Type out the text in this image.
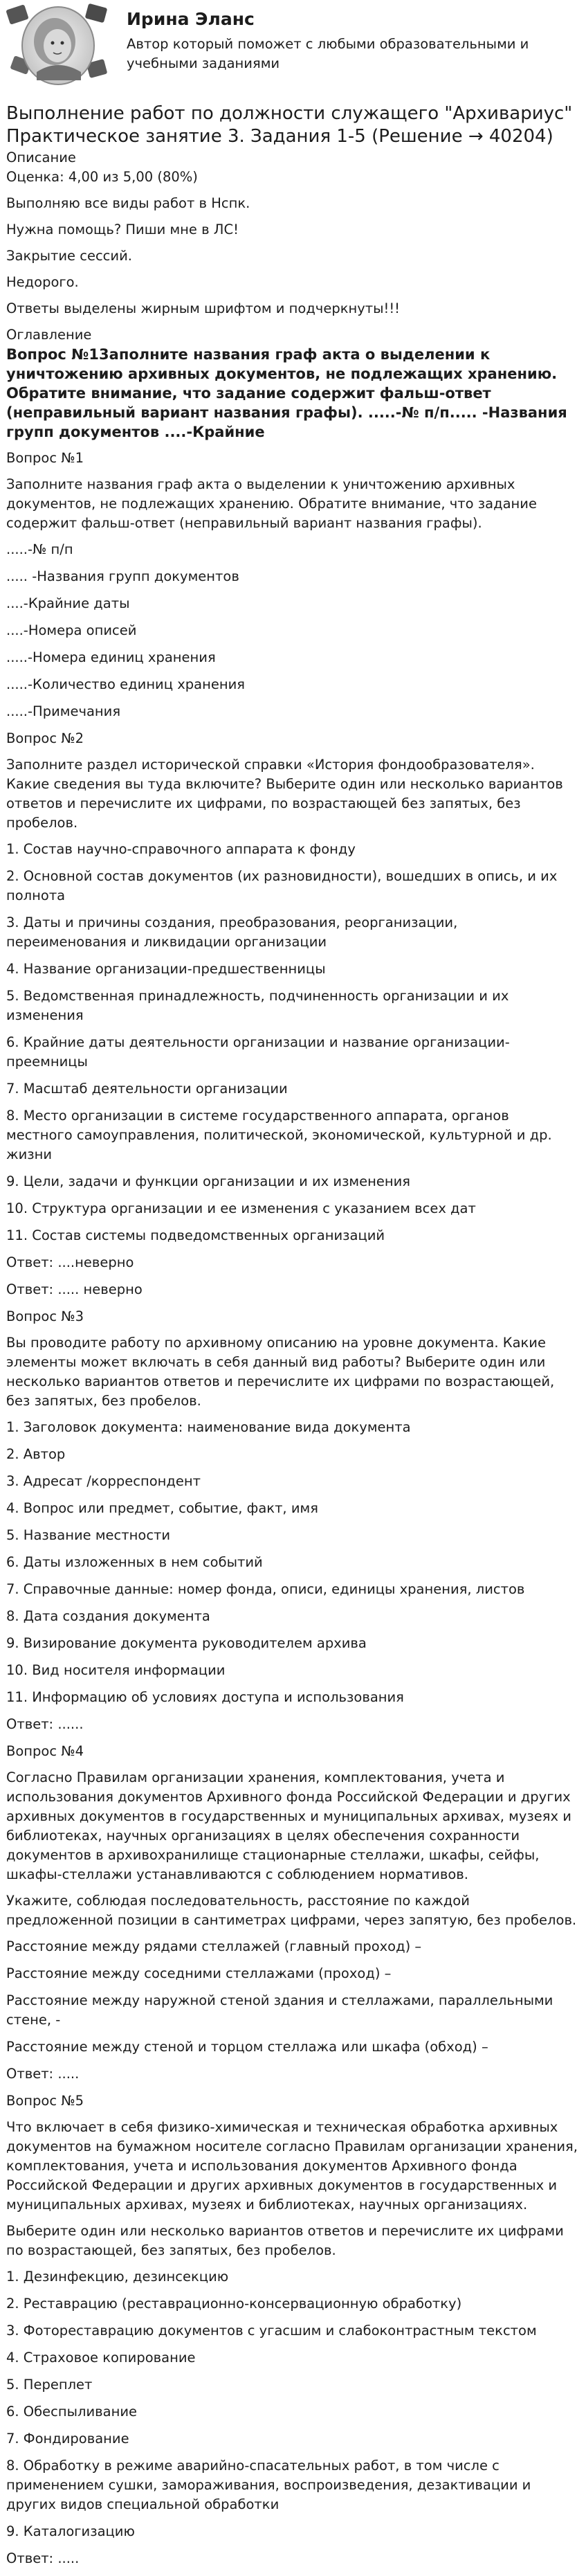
Ирина Эланс
Автор который поможет с любыми образовательными и учебными заданиями
Выполнение работ по должности служащего "Архивариус" Практическое занятие 3. Задания 1-5 (Решение → 40204)
Описание
Оценка: 4,00 из 5,00 (80%)
Выполняю все виды работ в Нспк.
Нужна помощь? Пиши мне в ЛС!
Закрытие сессий.
Недорого.
Ответы выделены жирным шрифтом и подчеркнуты!!!
Оглавление
Вопрос №13аполните названия граф акта о выделении к уничтожению архивных документов, не подлежащих хранению. Обратите внимание, что задание содержит фальш-ответ (неправильный вариант названия графы). .....-№ п/п..... -Названия групп документов ....-Крайние
Вопрос №1
Заполните названия граф акта о выделении к уничтожению архивных документов, не подлежащих хранению. Обратите внимание, что задание содержит фальш-ответ (неправильный вариант названия графы).
.....-№ п/п
..... -Названия групп документов
....-Крайние даты
....-Номера описей
.....-Номера единиц хранения
.....-Количество единиц хранения
.....-Примечания
Вопрос №2
Заполните раздел исторической справки «История фондообразователя». Какие сведения вы туда включите? Выберите один или несколько вариантов ответов и перечислите их цифрами, по возрастающей без запятых, без пробелов.
1. Состав научно-справочного аппарата к фонду
2. Основной состав документов (их разновидности), вошедших в опись, и их полнота
3. Даты и причины создания, преобразования, реорганизации, переименования и ликвидации организации
4. Название организации-предшественницы
5. Ведомственная принадлежность, подчиненность организации и их изменения
6. Крайние даты деятельности организации и название организации-преемницы
7. Масштаб деятельности организации
8. Место организации в системе государственного аппарата, органов местного самоуправления, политической, экономической, культурной и др. жизни
9. Цели, задачи и функции организации и их изменения
10. Структура организации и ее изменения с указанием всех дат
11. Состав системы подведомственных организаций
Ответ: ....неверно
Ответ: ..... неверно
Вопрос №3
Вы проводите работу по архивному описанию на уровне документа. Какие элементы может включать в себя данный вид работы? Выберите один или несколько вариантов ответов и перечислите их цифрами по возрастающей, без запятых, без пробелов.
1. Заголовок документа: наименование вида документа
2. Автор
3. Адресат /корреспондент
4. Вопрос или предмет, событие, факт, имя
5. Название местности
6. Даты изложенных в нем событий
7. Справочные данные: номер фонда, описи, единицы хранения, листов
8. Дата создания документа
9. Визирование документа руководителем архива
10. Вид носителя информации
11. Информацию об условиях доступа и использования
Ответ: ......
Вопрос №4
Согласно Правилам организации хранения, комплектования, учета и использования документов Архивного фонда Российской Федерации и других архивных документов в государственных и муниципальных архивах, музеях и библиотеках, научных организациях в целях обеспечения сохранности документов в архивохранилище стационарные стеллажи, шкафы, сейфы, шкафы-стеллажи устанавливаются с соблюдением нормативов.
Укажите, соблюдая последовательность, расстояние по каждой предложенной позиции в сантиметрах цифрами, через запятую, без пробелов.
Расстояние между рядами стеллажей (главный проход) –
Расстояние между соседними стеллажами (проход) –
Расстояние между наружной стеной здания и стеллажами, параллельными стене, -
Расстояние между стеной и торцом стеллажа или шкафа (обход) –
Ответ: .....
Вопрос №5
Что включает в себя физико-химическая и техническая обработка архивных документов на бумажном носителе согласно Правилам организации хранения, комплектования, учета и использования документов Архивного фонда Российской Федерации и других архивных документов в государственных и муниципальных архивах, музеях и библиотеках, научных организациях.
Выберите один или несколько вариантов ответов и перечислите их цифрами по возрастающей, без запятых, без пробелов.
1. Дезинфекцию, дезинсекцию
2. Реставрацию (реставрационно-консервационную обработку)
3. Фотореставрацию документов с угасшим и слабоконтрастным текстом
4. Страховое копирование
5. Переплет
6. Обеспыливание
7. Фондирование
8. Обработку в режиме аварийно-спасательных работ, в том числе с применением сушки, замораживания, воспроизведения, дезактивации и других видов специальной обработки
9. Каталогизацию
Ответ: .....
